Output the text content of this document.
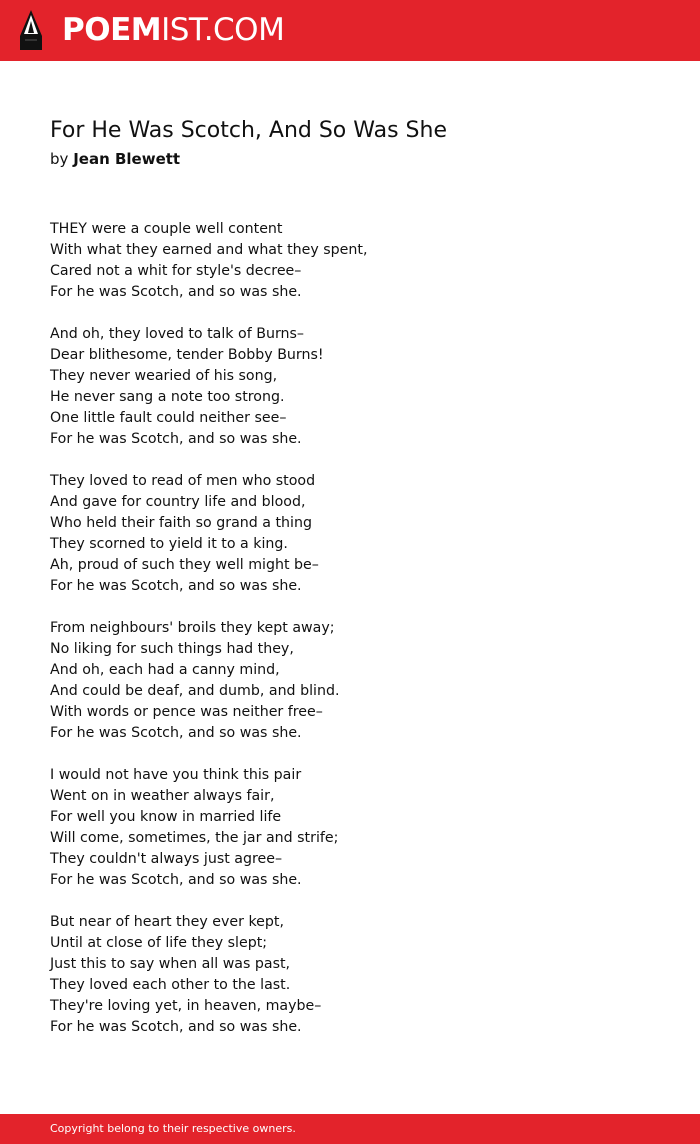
POEMIST.COM
For He Was Scotch, And So Was She
by Jean Blewett
THEY were a couple well content
With what they earned and what they spent,
Cared not a whit for style's decree–
For he was Scotch, and so was she.
And oh, they loved to talk of Burns–
Dear blithesome, tender Bobby Burns!
They never wearied of his song,
He never sang a note too strong.
One little fault could neither see–
For he was Scotch, and so was she.
They loved to read of men who stood
And gave for country life and blood,
Who held their faith so grand a thing
They scorned to yield it to a king.
Ah, proud of such they well might be–
For he was Scotch, and so was she.
From neighbours' broils they kept away;
No liking for such things had they,
And oh, each had a canny mind,
And could be deaf, and dumb, and blind.
With words or pence was neither free–
For he was Scotch, and so was she.
I would not have you think this pair
Went on in weather always fair,
For well you know in married life
Will come, sometimes, the jar and strife;
They couldn't always just agree–
For he was Scotch, and so was she.
But near of heart they ever kept,
Until at close of life they slept;
Just this to say when all was past,
They loved each other to the last.
They're loving yet, in heaven, maybe–
For he was Scotch, and so was she.
Copyright belong to their respective owners.
